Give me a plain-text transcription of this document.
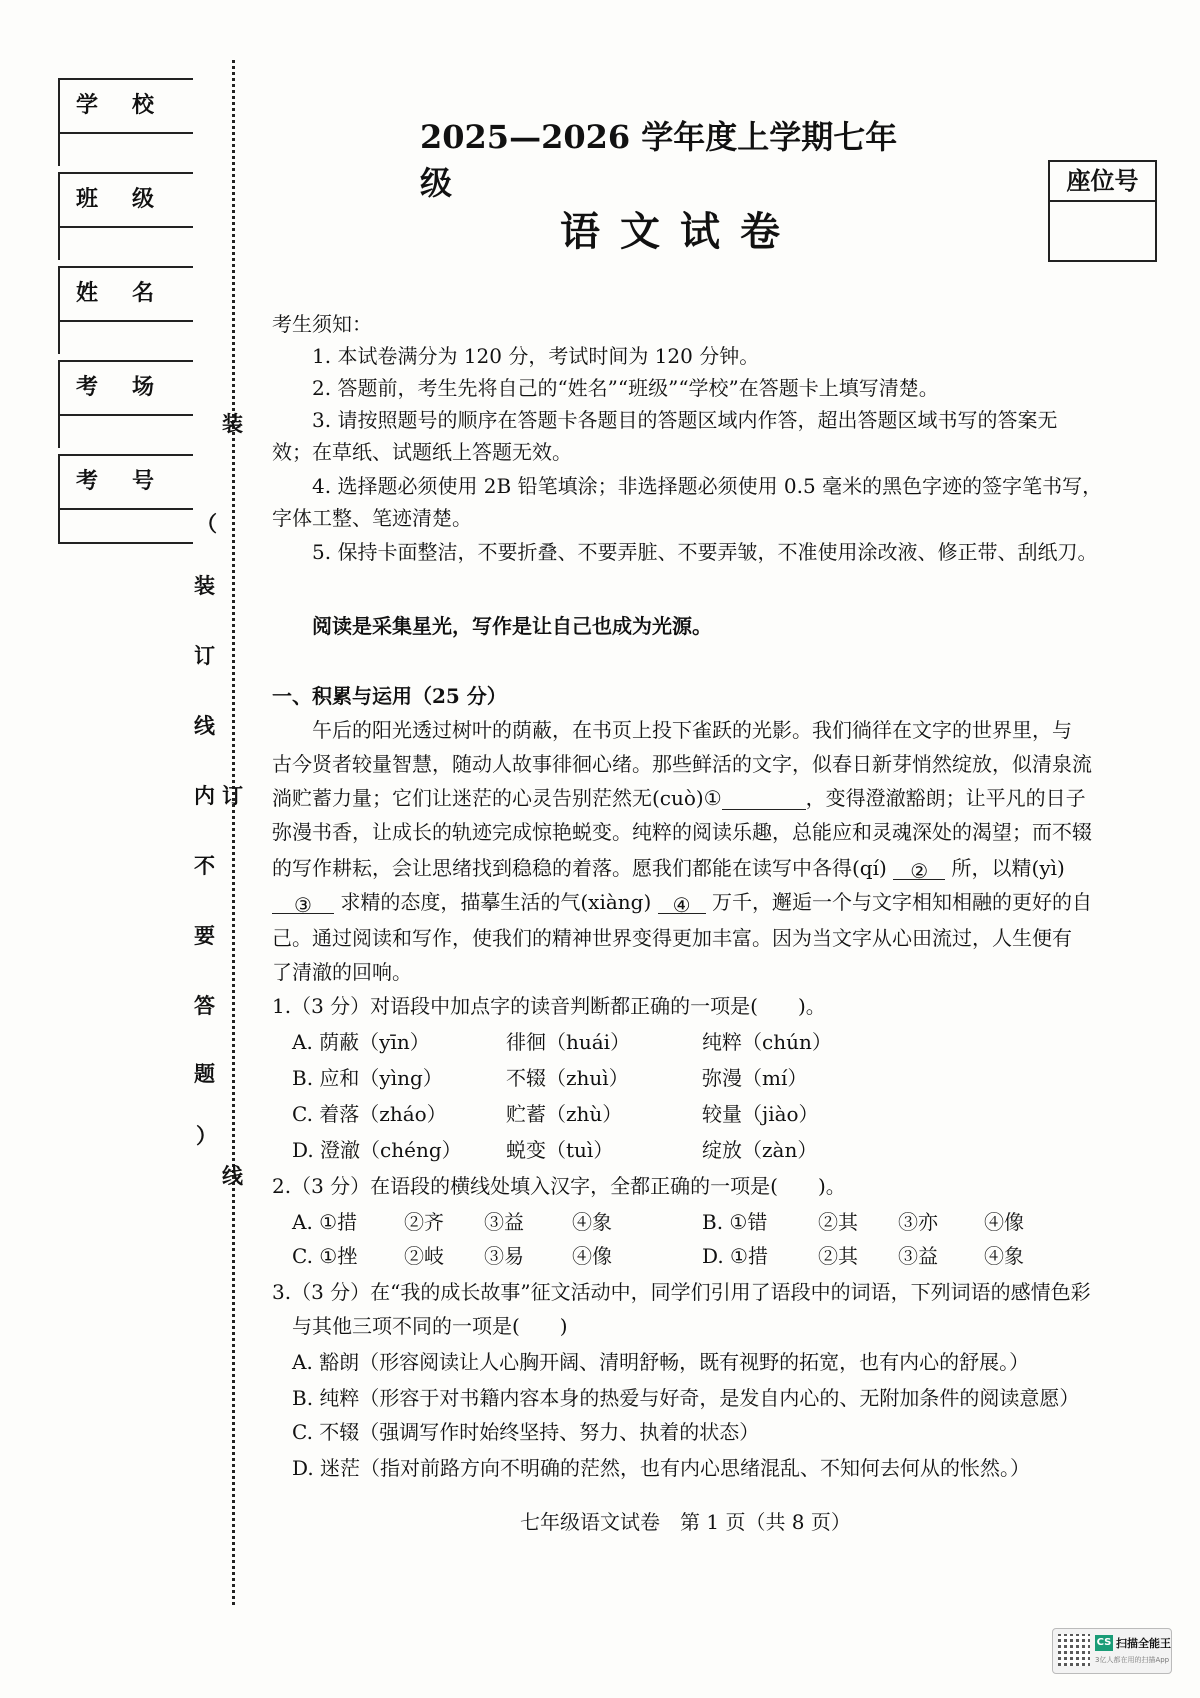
学校
班级
姓名
考场
考号
装
（
装
订
线
内 订
不
要
答
题
）
线
2025—2026 学年度上学期七年级
语文试卷
座位号
考生须知：
1. 本试卷满分为 120 分，考试时间为 120 分钟。
2. 答题前，考生先将自己的“姓名”“班级”“学校”在答题卡上填写清楚。
3. 请按照题号的顺序在答题卡各题目的答题区域内作答，超出答题区域书写的答案无
效；在草纸、试题纸上答题无效。
4. 选择题必须使用 2B 铅笔填涂；非选择题必须使用 0.5 毫米的黑色字迹的签字笔书写，
字体工整、笔迹清楚。
5. 保持卡面整洁，不要折叠、不要弄脏、不要弄皱，不准使用涂改液、修正带、刮纸刀。
阅读是采集星光，写作是让自己也成为光源。
一、积累与运用（25 分）
午后的阳光透过树叶的荫蔽，在书页上投下雀跃的光影。我们徜徉在文字的世界里，与
古今贤者较量智慧，随动人故事徘徊心绪。那些鲜活的文字，似春日新芽悄然绽放，似清泉流
淌贮蓄力量；它们让迷茫的心灵告别茫然无(cuò)①	，变得澄澈豁朗；让平凡的日子
弥漫书香，让成长的轨迹完成惊艳蜕变。纯粹的阅读乐趣，总能应和灵魂深处的渴望；而不辍
的写作耕耘，会让思绪找到稳稳的着落。愿我们都能在读写中各得(qí) ② 所，以精(yì)
③ 求精的态度，描摹生活的气(xiàng) ④ 万千，邂逅一个与文字相知相融的更好的自
己。通过阅读和写作，使我们的精神世界变得更加丰富。因为当文字从心田流过，人生便有
了清澈的回响。
1.（3 分）对语段中加点字的读音判断都正确的一项是(　　)。
A. 荫蔽（yīn）	徘徊（huái）	纯粹（chún）
B. 应和（yìng）	不辍（zhuì）	弥漫（mí）
C. 着落（zháo）	贮蓄（zhù）	较量（jiào）
D. 澄澈（chéng） 蜕变（tuì）	绽放（zàn）
2.（3 分）在语段的横线处填入汉字，全都正确的一项是(　　)。
A. ①措 ②齐 ③益 ④象	B. ①错	②其 ③亦 ④像
C. ①挫 ②岐 ③易 ④像	D. ①措	②其 ③益 ④象
3.（3 分）在“我的成长故事”征文活动中，同学们引用了语段中的词语，下列词语的感情色彩
与其他三项不同的一项是(　　)
A. 豁朗（形容阅读让人心胸开阔、清明舒畅，既有视野的拓宽，也有内心的舒展。）
B. 纯粹（形容于对书籍内容本身的热爱与好奇，是发自内心的、无附加条件的阅读意愿）
C. 不辍（强调写作时始终坚持、努力、执着的状态）
D. 迷茫（指对前路方向不明确的茫然，也有内心思绪混乱、不知何去何从的怅然。）
七年级语文试卷　第 1 页（共 8 页）
CS 扫描全能王
3亿人都在用的扫描App
